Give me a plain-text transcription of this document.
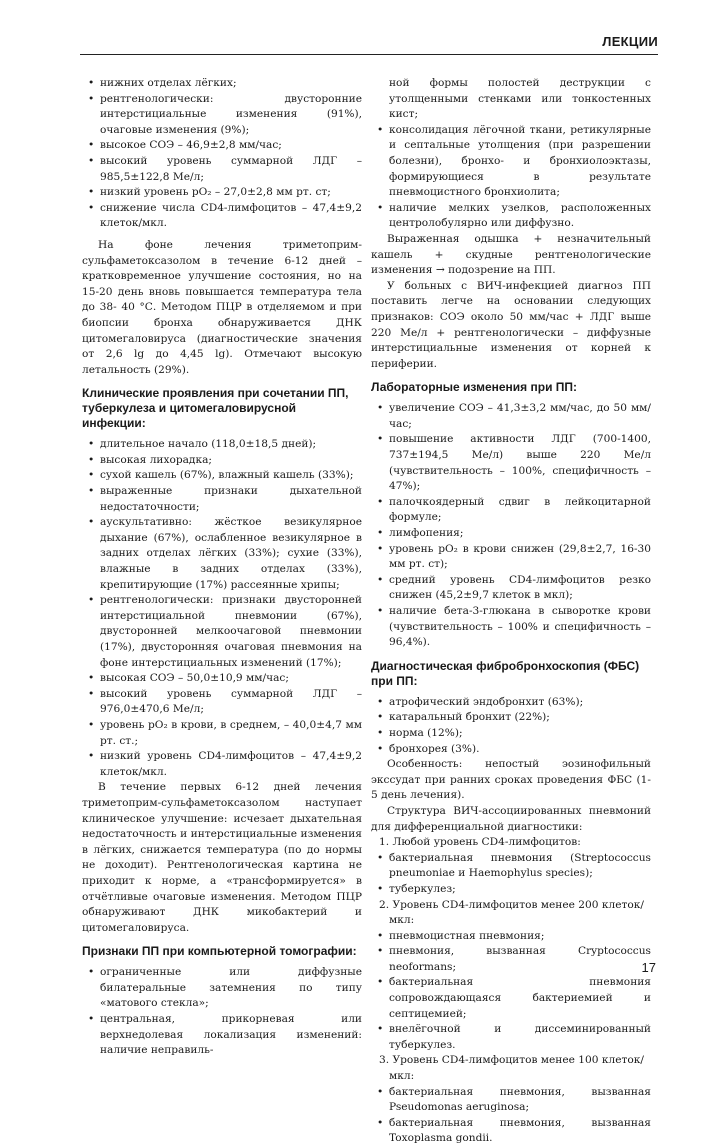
ЛЕКЦИИ
• нижних отделах лёгких;
• рентгенологически: двусторонние интерстициальные изменения (91%), очаговые изменения (9%);
• высокое СОЭ – 46,9±2,8 мм/час;
• высокий уровень суммарной ЛДГ – 985,5±122,8 Ме/л;
• низкий уровень pO₂ – 27,0±2,8 мм рт. ст;
• снижение числа CD4-лимфоцитов – 47,4±9,2 клеток/мкл.

На фоне лечения триметоприм-сульфаметоксазолом в течение 6-12 дней –кратковременное улучшение состояния, но на 15-20 день вновь повышается температура тела до 38- 40 °С. Методом ПЦР в отделяемом и при биопсии бронха обнаруживается ДНК цитомегаловируса (диагностические значения от 2,6 lg до 4,45 lg). Отмечают высокую летальность (29%).

Клинические проявления при сочетании ПП, туберкулеза и цитомегаловирусной инфекции:
• длительное начало (118,0±18,5 дней);
• высокая лихорадка;
• сухой кашель (67%), влажный кашель (33%);
• выраженные признаки дыхательной недостаточности;
• аускультативно: жёсткое везикулярное дыхание (67%), ослабленное везикулярное в задних отделах лёгких (33%); сухие (33%), влажные в задних отделах (33%), крепитирующие (17%) рассеянные хрипы;
• рентгенологически: признаки двусторонней интерстициальной пневмонии (67%), двусторонней мелкоочаговой пневмонии (17%), двусторонняя очаговая пневмония на фоне интерстициальных изменений (17%);
• высокая СОЭ – 50,0±10,9 мм/час;
• высокий уровень суммарной ЛДГ – 976,0±470,6 Ме/л;
• уровень pO₂ в крови, в среднем, – 40,0±4,7 мм рт. ст.;
• низкий уровень CD4-лимфоцитов – 47,4±9,2 клеток/мкл.

В течение первых 6-12 дней лечения триметоприм-сульфаметоксазолом наступает клиническое улучшение: исчезает дыхательная недостаточность и интерстициальные изменения в лёгких, снижается температура (по до нормы не доходит). Рентгенологическая картина не приходит к норме, а «трансформируется» в отчётливые очаговые изменения. Методом ПЦР обнаруживают ДНК микобактерий и цитомегаловируса.

Признаки ПП при компьютерной томографии:
• ограниченные или диффузные билатеральные затемнения по типу «матового стекла»;
• центральная, прикорневая или верхнедолевая локализация изменений: наличие неправиль-

ной формы полостей деструкции с утолщенными стенками или тонкостенных кист;

• консолидация лёгочной ткани, ретикулярные и септальные утолщения (при разрешении болезни), бронхо- и бронхиолоэктазы, формирующиеся в результате пневмоцистного бронхиолита;
• наличие мелких узелков, расположенных центролобулярно или диффузно.

Выраженная одышка + незначительный кашель + скудные рентгенологические изменения → подозрение на ПП.

У больных с ВИЧ-инфекцией диагноз ПП поставить легче на основании следующих признаков: СОЭ около 50 мм/час + ЛДГ выше 220 Ме/л + рентгенологически – диффузные интерстициальные изменения от корней к периферии.

Лабораторные изменения при ПП:
• увеличение СОЭ – 41,3±3,2 мм/час, до 50 мм/час;
• повышение активности ЛДГ (700-1400, 737±194,5 Ме/л) выше 220 Ме/л (чувствительность – 100%, специфичность – 47%);
• палочкоядерный сдвиг в лейкоцитарной формуле;
• лимфопения;
• уровень pO₂ в крови снижен (29,8±2,7, 16-30 мм рт. ст);
• средний уровень CD4-лимфоцитов резко снижен (45,2±9,7 клеток в мкл);
• наличие бета-3-глюкана в сыворотке крови (чувствительность – 100% и специфичность – 96,4%).
Диагностическая фибробронхоскопия (ФБС) при ПП:
• атрофический эндобронхит (63%);
• катаральный бронхит (22%);
• норма (12%);
• бронхорея (3%).

Особенность: непостый эозинофильный экссудат при ранних сроках проведения ФБС (1-5 день лечения).

Структура ВИЧ-ассоциированных пневмоний для дифференциальной диагностики:

1. Любой уровень CD4-лимфоцитов:
• бактериальная пневмония (Streptococcus pneumoniae и Haemophylus species);
• туберкулез;
2. Уровень CD4-лимфоцитов менее 200 клеток/мкл:
• пневмоцистная пневмония;
• пневмония, вызванная Cryptococcus neoformans;
• бактериальная пневмония сопровождающаяся бактериемией и септицемией;
• внелёгочной и диссеминированный туберкулез.
3. Уровень CD4-лимфоцитов менее 100 клеток/мкл:
• бактериальная пневмония, вызванная Pseudomonas aeruginosa;
• бактериальная пневмония, вызванная Toxoplasma gondii.
17
